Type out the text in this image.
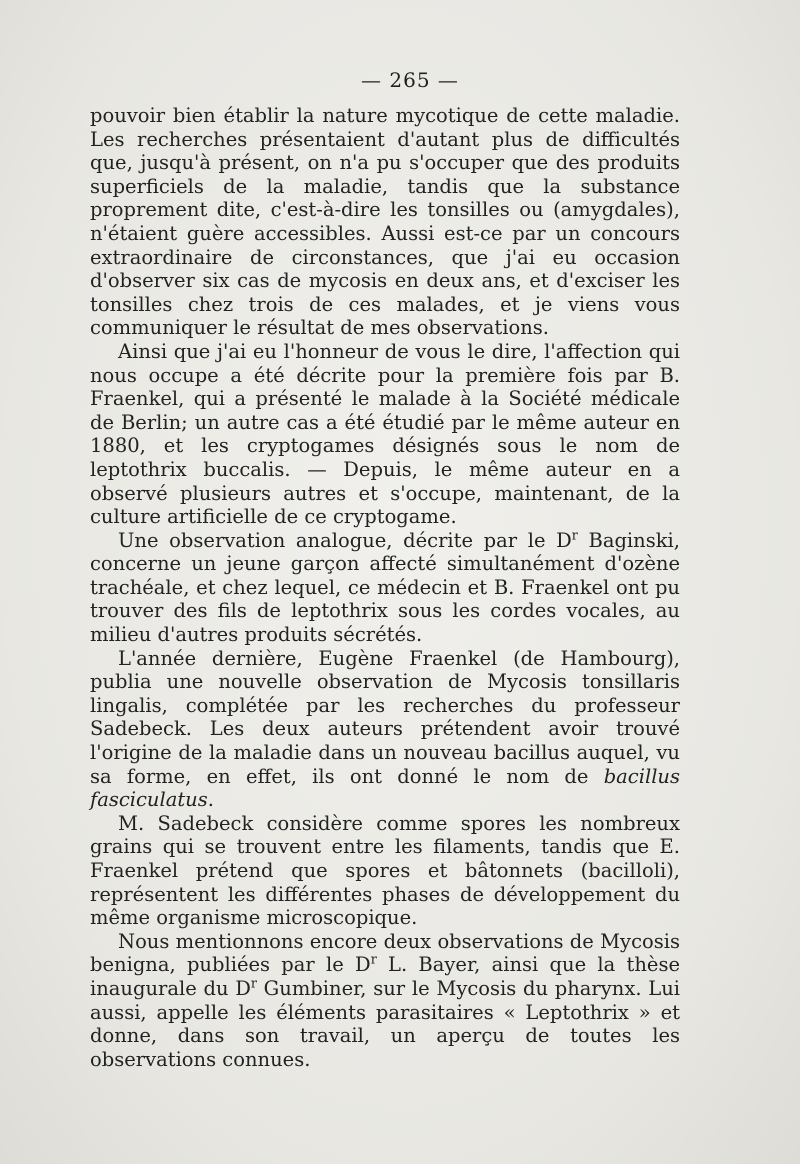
— 265 —

pouvoir bien établir la nature mycotique de cette maladie. Les recherches présentaient d'autant plus de difficultés que, jusqu'à présent, on n'a pu s'occuper que des produits superficiels de la maladie, tandis que la substance proprement dite, c'est-à-dire les tonsilles ou (amygdales), n'étaient guère accessibles. Aussi est-ce par un concours extraordinaire de circonstances, que j'ai eu occasion d'observer six cas de mycosis en deux ans, et d'exciser les tonsilles chez trois de ces malades, et je viens vous communiquer le résultat de mes observations.

Ainsi que j'ai eu l'honneur de vous le dire, l'affection qui nous occupe a été décrite pour la première fois par B. Fraenkel, qui a présenté le malade à la Société médicale de Berlin; un autre cas a été étudié par le même auteur en 1880, et les cryptogames désignés sous le nom de leptothrix buccalis. — Depuis, le même auteur en a observé plusieurs autres et s'occupe, maintenant, de la culture artificielle de ce cryptogame.

Une observation analogue, décrite par le $D^r$ Baginski, concerne un jeune garçon affecté simultanément d'ozène trachéale, et chez lequel, ce médecin et B. Fraenkel ont pu trouver des fils de leptothrix sous les cordes vocales, au milieu d'autres produits sécrétés.

L'année dernière, Eugène Fraenkel (de Hambourg), publia une nouvelle observation de Mycosis tonsillaris lingalis, complétée par les recherches du professeur Sadebeck. Les deux auteurs prétendent avoir trouvé l'origine de la maladie dans un nouveau bacillus auquel, vu sa forme, en effet, ils ont donné le nom de bacillus fasciculatus.

M. Sadebeck considère comme spores les nombreux grains qui se trouvent entre les filaments, tandis que E. Fraenkel prétend que spores et bâtonnets (bacilloli), représentent les différentes phases de développement du même organisme microscopique.

Nous mentionnons encore deux observations de Mycosis benigna, publiées par le $D^r$ L. Bayer, ainsi que la thèse inaugurale du $D^r$ Gumbiner, sur le Mycosis du pharynx. Lui aussi, appelle les éléments parasitaires « Leptothrix » et donne, dans son travail, un aperçu de toutes les observations connues.
